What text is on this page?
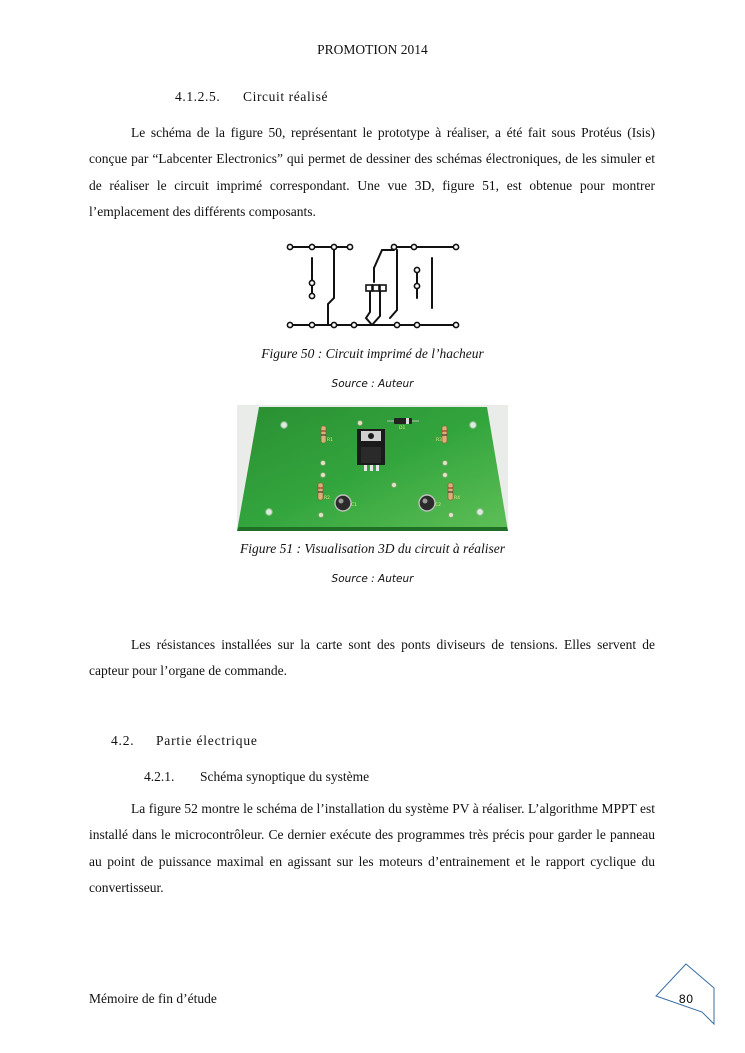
PROMOTION 2014
4.1.2.5. Circuit réalisé
Le schéma de la figure 50, représentant le prototype à réaliser, a été fait sous Protéus (Isis) conçue par “Labcenter Electronics” qui permet de dessiner des schémas électroniques, de les simuler et de réaliser le circuit imprimé correspondant. Une vue 3D, figure 51, est obtenue pour montrer l’emplacement des différents composants.
Figure 50 : Circuit imprimé de l’hacheur
Source : Auteur
R1
R2
R3
R4
C1	C2
D1
Figure 51 : Visualisation 3D du circuit à réaliser
Source : Auteur
Les résistances installées sur la carte sont des ponts diviseurs de tensions. Elles servent de capteur pour l’organe de commande.
4.2. Partie électrique
4.2.1. Schéma synoptique du système
La figure 52 montre le schéma de l’installation du système PV à réaliser. L’algorithme MPPT est installé dans le microcontrôleur. Ce dernier exécute des programmes très précis pour garder le panneau au point de puissance maximal en agissant sur les moteurs d’entrainement et le rapport cyclique du convertisseur.
Mémoire de fin d’étude	80
